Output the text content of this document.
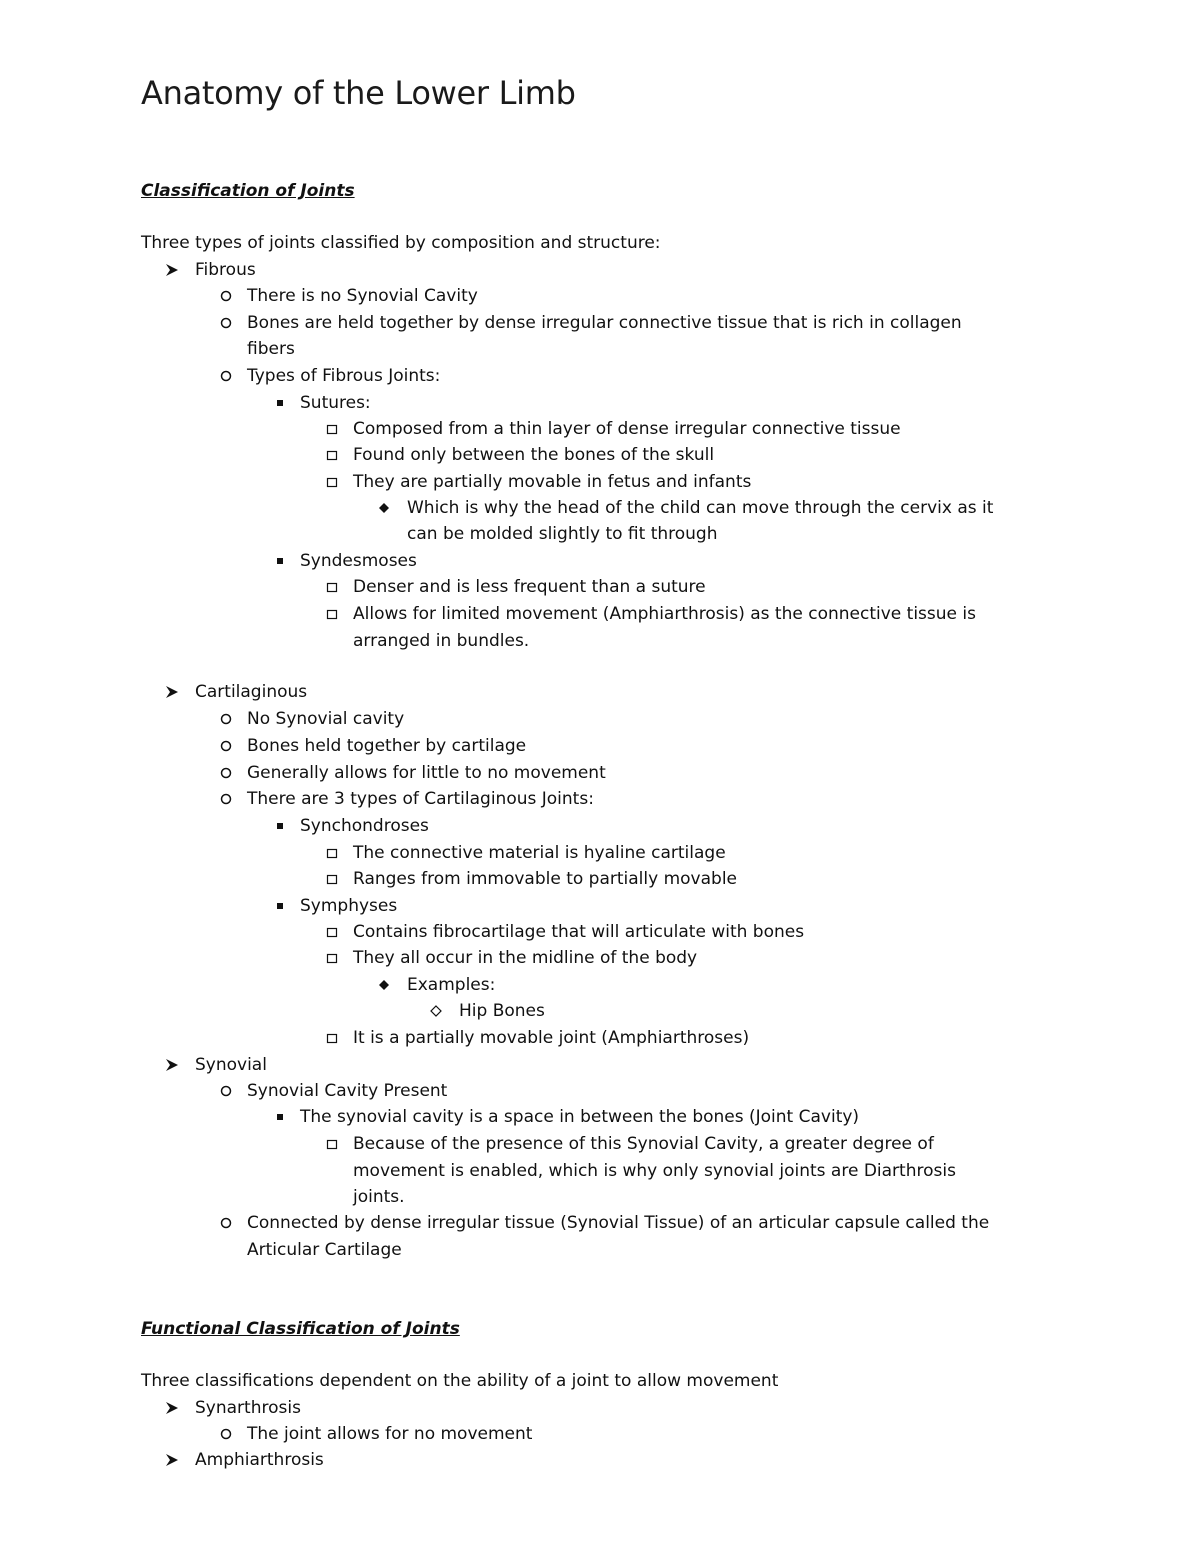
Anatomy of the Lower Limb
Classification of Joints
Three types of joints classified by composition and structure:
Fibrous
There is no Synovial Cavity
Bones are held together by dense irregular connective tissue that is rich in collagen
fibers
Types of Fibrous Joints:
Sutures:
Composed from a thin layer of dense irregular connective tissue
Found only between the bones of the skull
They are partially movable in fetus and infants
Which is why the head of the child can move through the cervix as it
can be molded slightly to fit through
Syndesmoses
Denser and is less frequent than a suture
Allows for limited movement (Amphiarthrosis) as the connective tissue is
arranged in bundles.
Cartilaginous
No Synovial cavity
Bones held together by cartilage
Generally allows for little to no movement
There are 3 types of Cartilaginous Joints:
Synchondroses
The connective material is hyaline cartilage
Ranges from immovable to partially movable
Symphyses
Contains fibrocartilage that will articulate with bones
They all occur in the midline of the body
Examples:
Hip Bones
It is a partially movable joint (Amphiarthroses)
Synovial
Synovial Cavity Present
The synovial cavity is a space in between the bones (Joint Cavity)
Because of the presence of this Synovial Cavity, a greater degree of
movement is enabled, which is why only synovial joints are Diarthrosis
joints.
Connected by dense irregular tissue (Synovial Tissue) of an articular capsule called the
Articular Cartilage
Functional Classification of Joints
Three classifications dependent on the ability of a joint to allow movement
Synarthrosis
The joint allows for no movement
Amphiarthrosis
